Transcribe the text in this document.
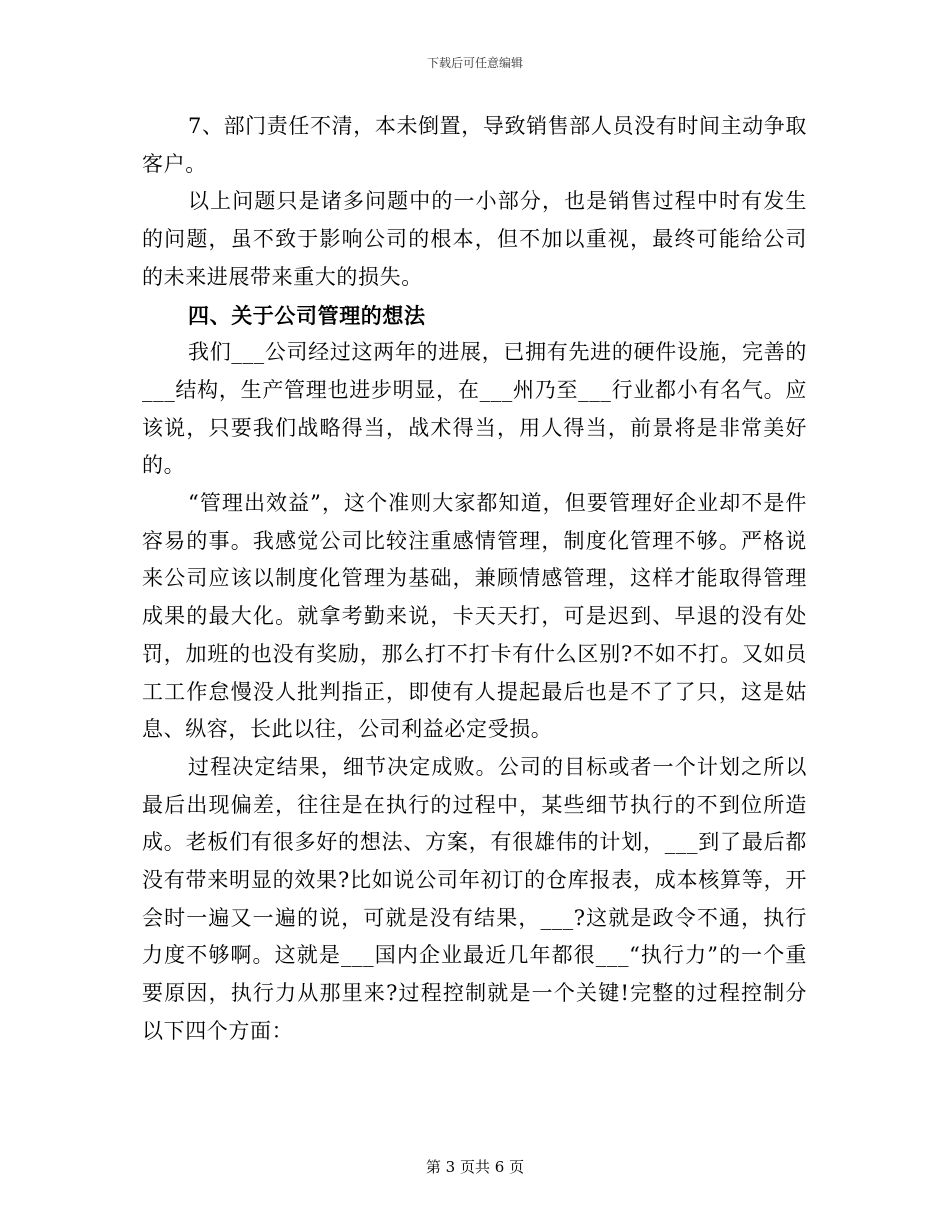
下载后可任意编辑

7、部门责任不清，本未倒置，导致销售部人员没有时间主动争取客户。

以上问题只是诸多问题中的一小部分，也是销售过程中时有发生的问题，虽不致于影响公司的根本，但不加以重视，最终可能给公司的未来进展带来重大的损失。

四、关于公司管理的想法

我们___公司经过这两年的进展，已拥有先进的硬件设施，完善的___结构，生产管理也进步明显，在___州乃至___行业都小有名气。应该说，只要我们战略得当，战术得当，用人得当，前景将是非常美好的。

“管理出效益”，这个准则大家都知道，但要管理好企业却不是件容易的事。我感觉公司比较注重感情管理，制度化管理不够。严格说来公司应该以制度化管理为基础，兼顾情感管理，这样才能取得管理成果的最大化。就拿考勤来说，卡天天打，可是迟到、早退的没有处罚，加班的也没有奖励，那么打不打卡有什么区别?不如不打。又如员工工作怠慢没人批判指正，即使有人提起最后也是不了了只，这是姑息、纵容，长此以往，公司利益必定受损。

过程决定结果，细节决定成败。公司的目标或者一个计划之所以最后出现偏差，往往是在执行的过程中，某些细节执行的不到位所造成。老板们有很多好的想法、方案，有很雄伟的计划，___到了最后都没有带来明显的效果?比如说公司年初订的仓库报表，成本核算等，开会时一遍又一遍的说，可就是没有结果，___?这就是政令不通，执行力度不够啊。这就是___国内企业最近几年都很___“执行力”的一个重要原因，执行力从那里来?过程控制就是一个关键!完整的过程控制分以下四个方面：

第 3 页共 6 页
